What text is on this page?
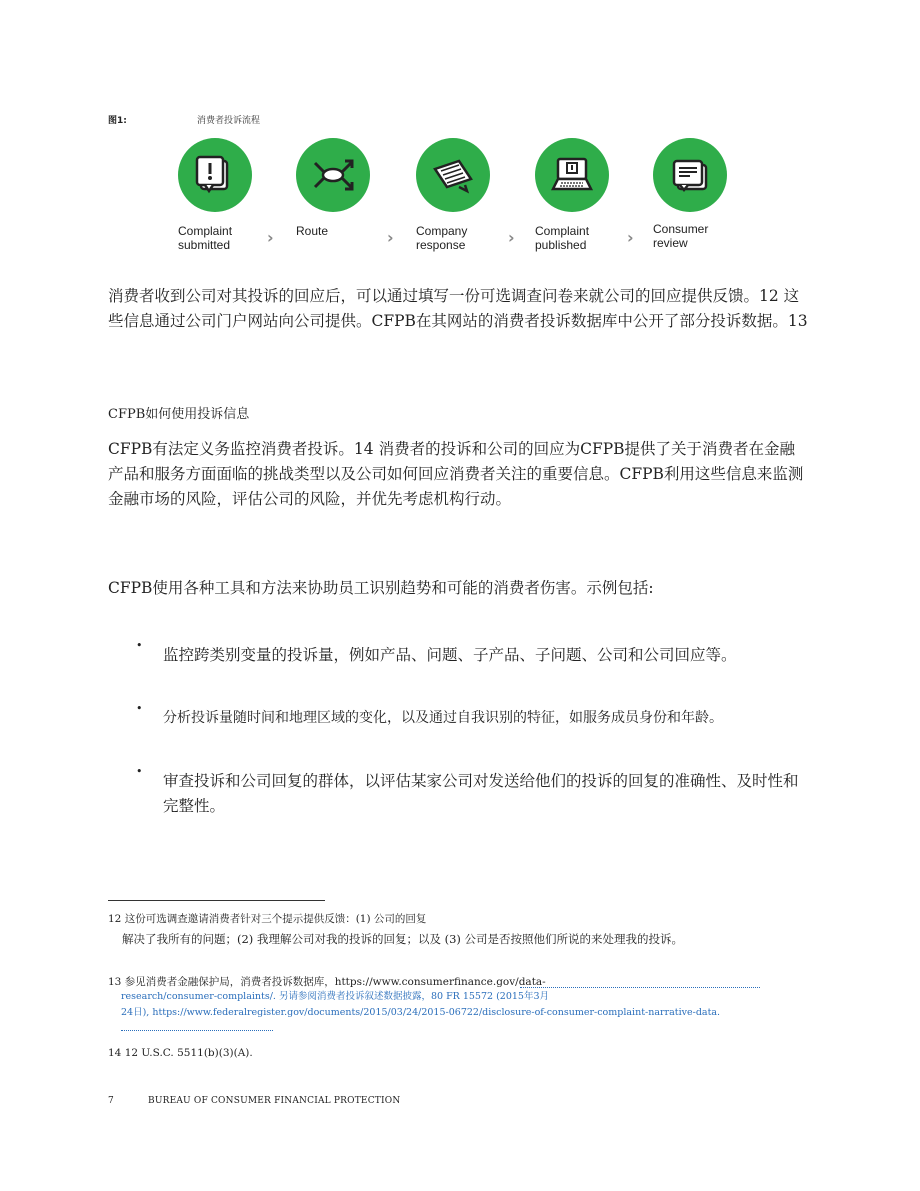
图1:	消费者投诉流程
Complaint
submitted	› Route	› Company
response	› Complaint
published	› Consumer
review
消费者收到公司对其投诉的回应后，可以通过填写一份可选调查问卷来就公司的回应提供反馈。12 这些信息通过公司门户网站向公司提供。CFPB在其网站的消费者投诉数据库中公开了部分投诉数据。13
CFPB如何使用投诉信息
CFPB有法定义务监控消费者投诉。14 消费者的投诉和公司的回应为CFPB提供了关于消费者在金融产品和服务方面面临的挑战类型以及公司如何回应消费者关注的重要信息。CFPB利用这些信息来监测金融市场的风险，评估公司的风险，并优先考虑机构行动。
CFPB使用各种工具和方法来协助员工识别趋势和可能的消费者伤害。示例包括:
•
监控跨类别变量的投诉量，例如产品、问题、子产品、子问题、公司和公司回应等。
•
分析投诉量随时间和地理区域的变化，以及通过自我识别的特征，如服务成员身份和年龄。
•
审查投诉和公司回复的群体，以评估某家公司对发送给他们的投诉的回复的准确性、及时性和完整性。
12 这份可选调查邀请消费者针对三个提示提供反馈：(1) 公司的回复
解决了我所有的问题；(2) 我理解公司对我的投诉的回复；以及 (3) 公司是否按照他们所说的来处理我的投诉。
13 参见消费者金融保护局，消费者投诉数据库，https://www.consumerfinance.gov/data-
research/consumer-complaints/. 另请参阅消费者投诉叙述数据披露，80 FR 15572 (2015年3月
24日), https://www.federalregister.gov/documents/2015/03/24/2015-06722/disclosure-of-consumer-complaint-narrative-data.
14 12 U.S.C. 5511(b)(3)(A).
7	BUREAU OF CONSUMER FINANCIAL PROTECTION
